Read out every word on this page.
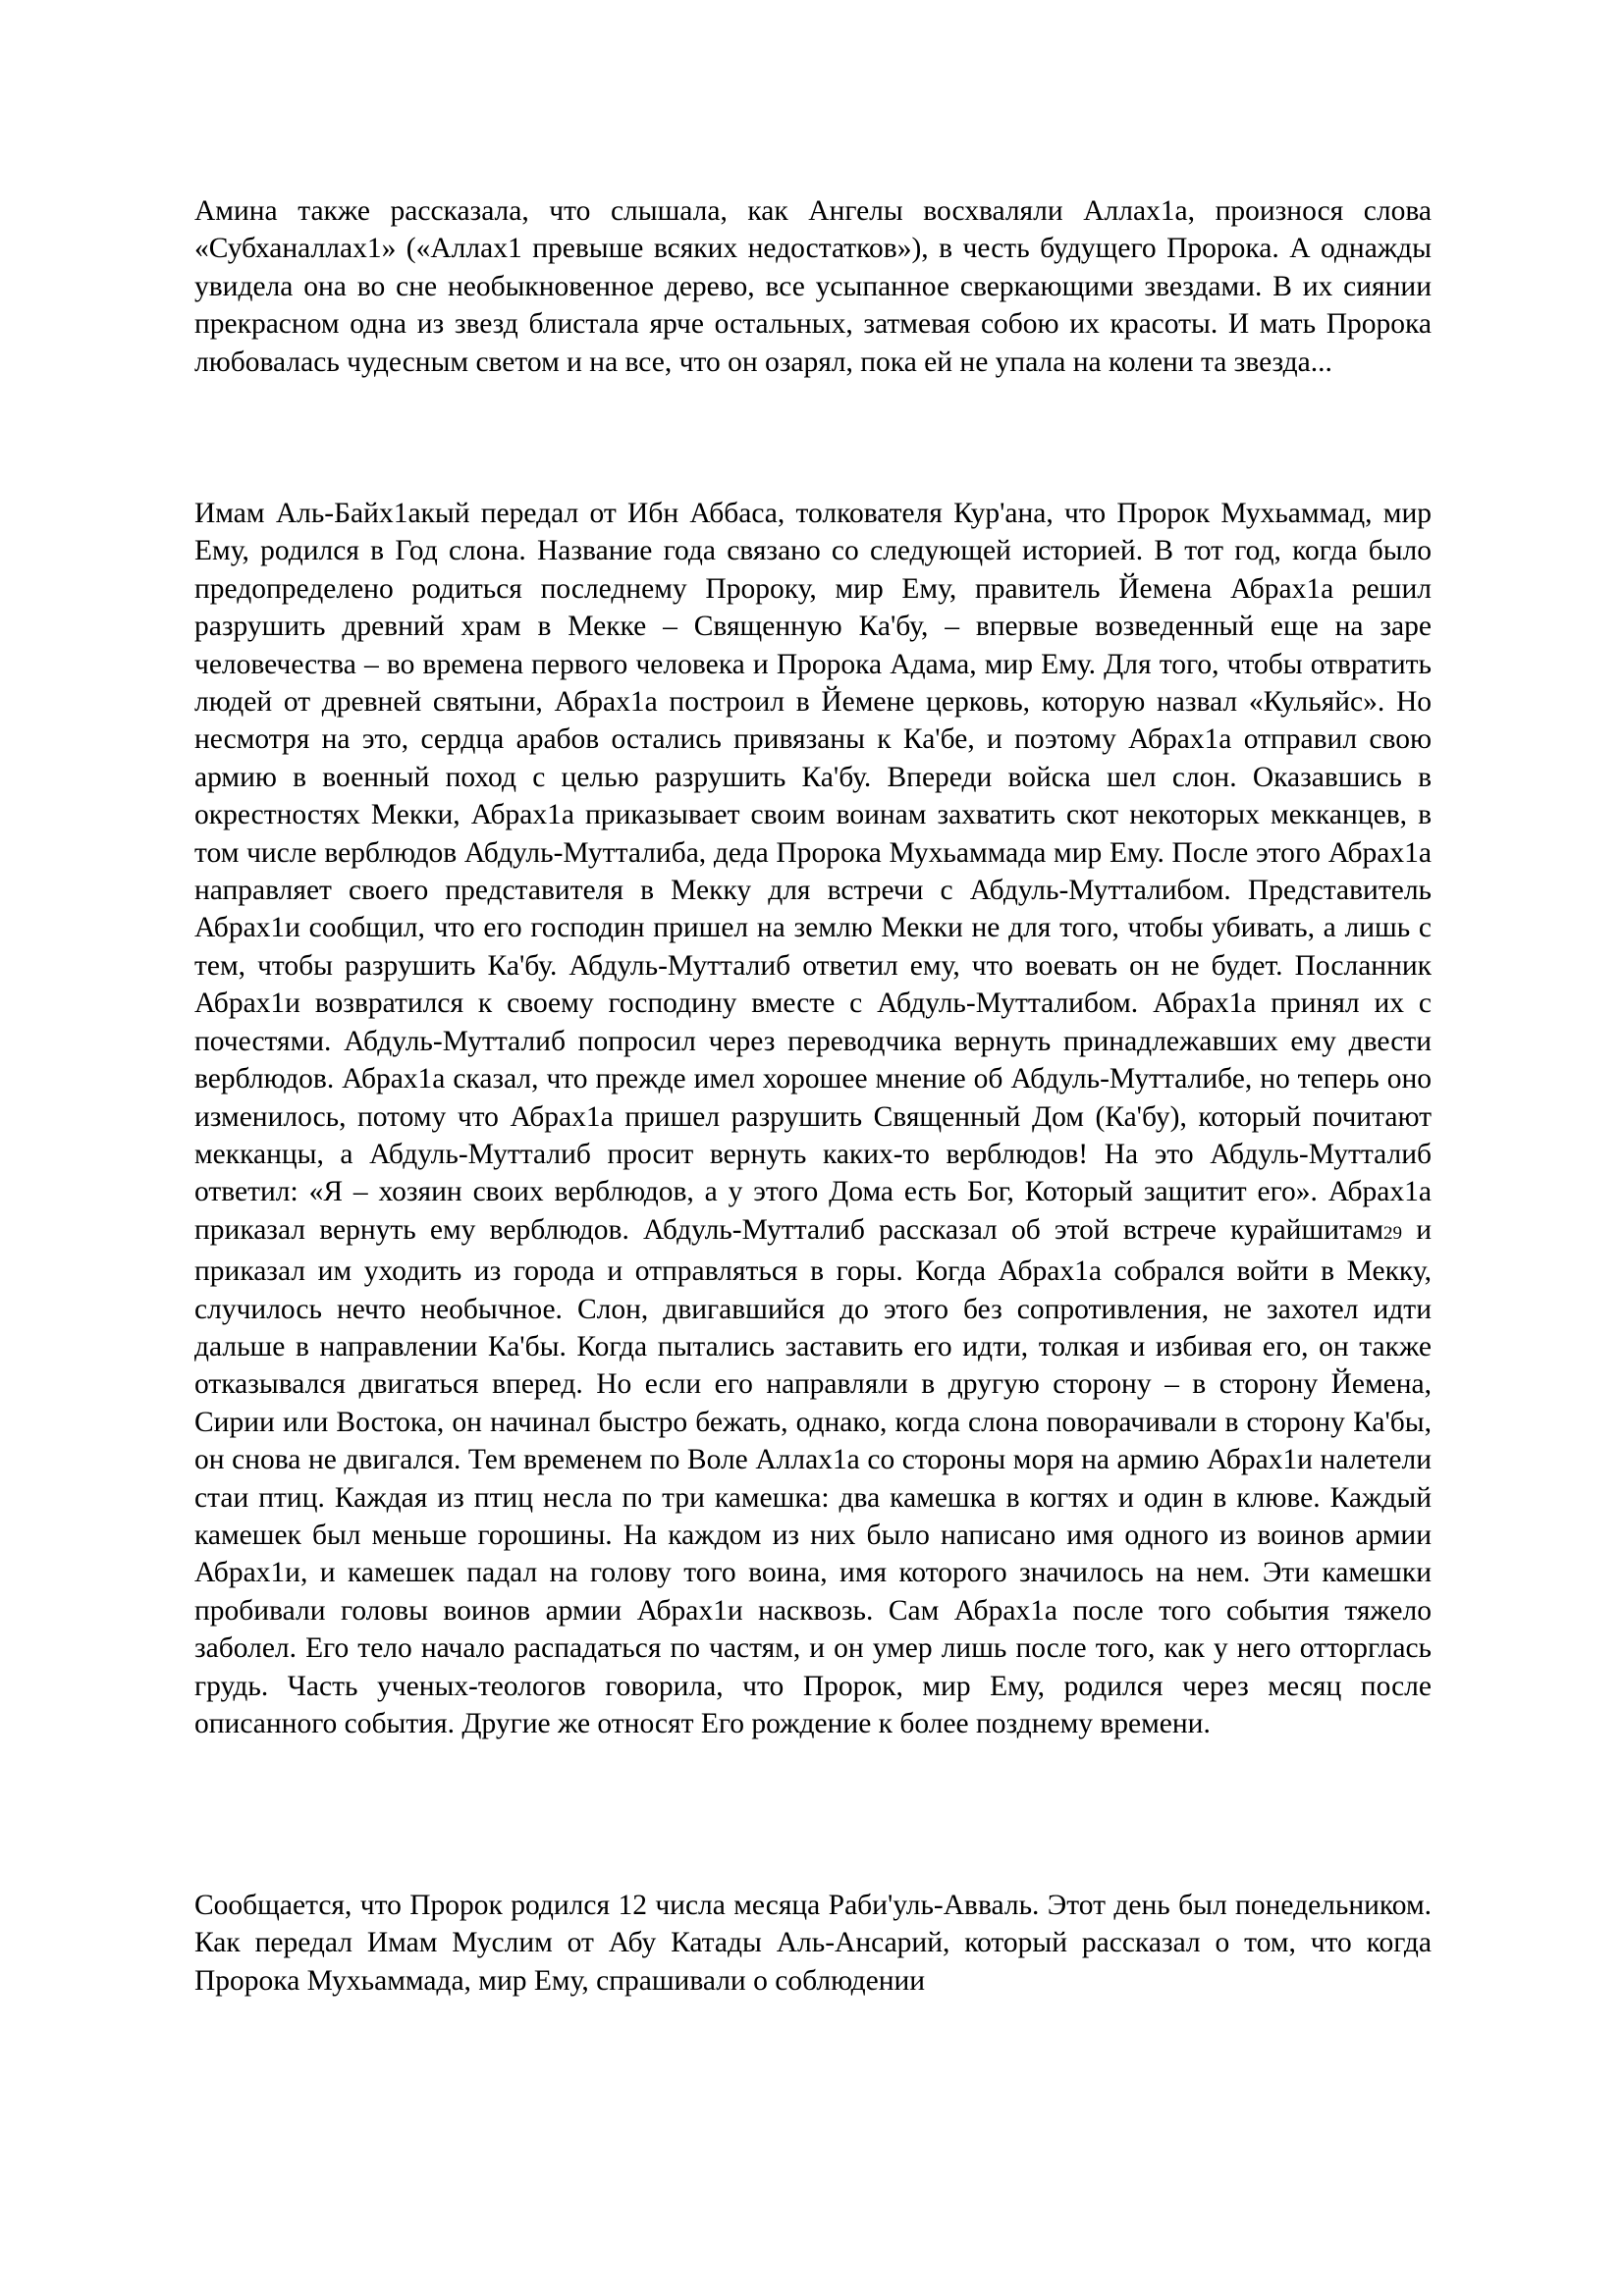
Амина также рассказала, что слышала, как Ангелы восхваляли Аллах1а, произнося слова «Субханаллах1» («Аллах1 превыше всяких недостатков»), в честь будущего Пророка. А однажды увидела она во сне необыкновенное дерево, все усыпанное сверкающими звездами. В их сиянии прекрасном одна из звезд блистала ярче остальных, затмевая собою их красоты. И мать Пророка любовалась чудесным светом и на все, что он озарял, пока ей не упала на колени та звезда...

Имам Аль-Байх1акый передал от Ибн Аббаса, толкователя Кур'ана, что Пророк Мухьаммад, мир Ему, родился в Год слона. Название года связано со следующей историей. В тот год, когда было предопределено родиться последнему Пророку, мир Ему, правитель Йемена Абрах1а решил разрушить древний храм в Мекке – Священную Ка'бу, – впервые возведенный еще на заре человечества – во времена первого человека и Пророка Адама, мир Ему. Для того, чтобы отвратить людей от древней святыни, Абрах1а построил в Йемене церковь, которую назвал «Кульяйс». Но несмотря на это, сердца арабов остались привязаны к Ка'бе, и поэтому Абрах1а отправил свою армию в военный поход с целью разрушить Ка'бу. Впереди войска шел слон. Оказавшись в окрестностях Мекки, Абрах1а приказывает своим воинам захватить скот некоторых мекканцев, в том числе верблюдов Абдуль-Мутталиба, деда Пророка Мухьаммада мир Ему. После этого Абрах1а направляет своего представителя в Мекку для встречи с Абдуль-Мутталибом. Представитель Абрах1и сообщил, что его господин пришел на землю Мекки не для того, чтобы убивать, а лишь с тем, чтобы разрушить Ка'бу. Абдуль-Мутталиб ответил ему, что воевать он не будет. Посланник Абрах1и возвратился к своему господину вместе с Абдуль-Мутталибом. Абрах1а принял их с почестями. Абдуль-Мутталиб попросил через переводчика вернуть принадлежавших ему двести верблюдов. Абрах1а сказал, что прежде имел хорошее мнение об Абдуль-Мутталибе, но теперь оно изменилось, потому что Абрах1а пришел разрушить Священный Дом (Ка'бу), который почитают мекканцы, а Абдуль-Мутталиб просит вернуть каких-то верблюдов! На это Абдуль-Мутталиб ответил: «Я – хозяин своих верблюдов, а у этого Дома есть Бог, Который защитит его». Абрах1а приказал вернуть ему верблюдов. Абдуль-Мутталиб рассказал об этой встрече курайшитам29 и приказал им уходить из города и отправляться в горы. Когда Абрах1а собрался войти в Мекку, случилось нечто необычное. Слон, двигавшийся до этого без сопротивления, не захотел идти дальше в направлении Ка'бы. Когда пытались заставить его идти, толкая и избивая его, он также отказывался двигаться вперед. Но если его направляли в другую сторону – в сторону Йемена, Сирии или Востока, он начинал быстро бежать, однако, когда слона поворачивали в сторону Ка'бы, он снова не двигался. Тем временем по Воле Аллах1а со стороны моря на армию Абрах1и налетели стаи птиц. Каждая из птиц несла по три камешка: два камешка в когтях и один в клюве. Каждый камешек был меньше горошины. На каждом из них было написано имя одного из воинов армии Абрах1и, и камешек падал на голову того воина, имя которого значилось на нем. Эти камешки пробивали головы воинов армии Абрах1и насквозь. Сам Абрах1а после того события тяжело заболел. Его тело начало распадаться по частям, и он умер лишь после того, как у него отторглась грудь. Часть ученых-теологов говорила, что Пророк, мир Ему, родился через месяц после описанного события. Другие же относят Его рождение к более позднему времени.

Сообщается, что Пророк родился 12 числа месяца Раби'уль-Авваль. Этот день был понедельником. Как передал Имам Муслим от Абу Катады Аль-Ансарий, который рассказал о том, что когда Пророка Мухьаммада, мир Ему, спрашивали о соблюдении
